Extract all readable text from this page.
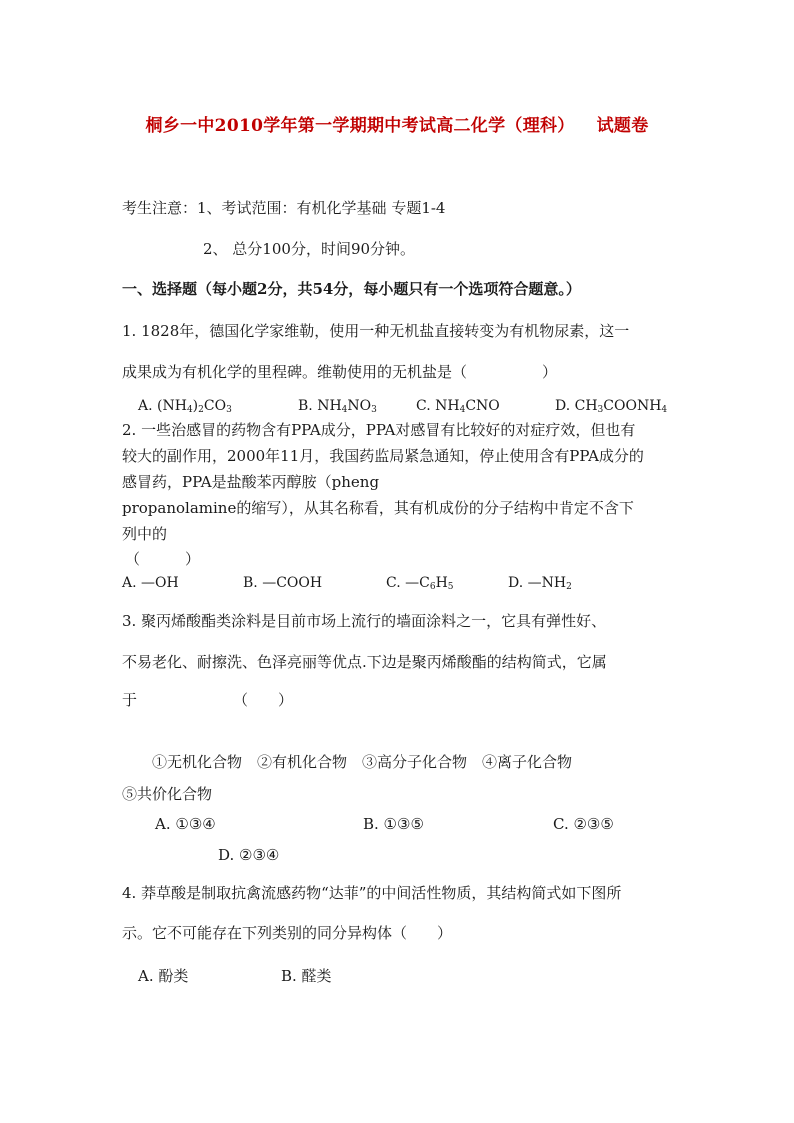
桐乡一中2010学年第一学期期中考试高二化学（理科） 试题卷
考生注意：1、考试范围：有机化学基础 专题1-4
2、 总分100分，时间90分钟。
一、选择题（每小题2分，共54分，每小题只有一个选项符合题意。）
1. 1828年，德国化学家维勒，使用一种无机盐直接转变为有机物尿素，这一
成果成为有机化学的里程碑。维勒使用的无机盐是（　　　　　）
A. $(NH_4)_2CO_3$	B. $NH_4NO_3$	C. $NH_4CNO$	D. $CH_3COONH_4$
2. 一些治感冒的药物含有PPA成分，PPA对感冒有比较好的对症疗效，但也有
较大的副作用，2000年11月，我国药监局紧急通知，停止使用含有PPA成分的
感冒药，PPA是盐酸苯丙醇胺（pheng
propanolamine的缩写），从其名称看，其有机成份的分子结构中肯定不含下
列中的
（　　　）
A. —OH	B. —COOH	C. $—C_6H_5$	D. $—NH_2$
3. 聚丙烯酸酯类涂料是目前市场上流行的墙面涂料之一，它具有弹性好、
不易老化、耐擦洗、色泽亮丽等优点.下边是聚丙烯酸酯的结构简式，它属
于	（　　）
①无机化合物　②有机化合物　③高分子化合物　④离子化合物
⑤共价化合物
A. ①③④	B. ①③⑤	C. ②③⑤
D. ②③④
4. 莽草酸是制取抗禽流感药物“达菲”的中间活性物质，其结构简式如下图所
示。它不可能存在下列类别的同分异构体（　　）
A. 酚类	B. 醛类
